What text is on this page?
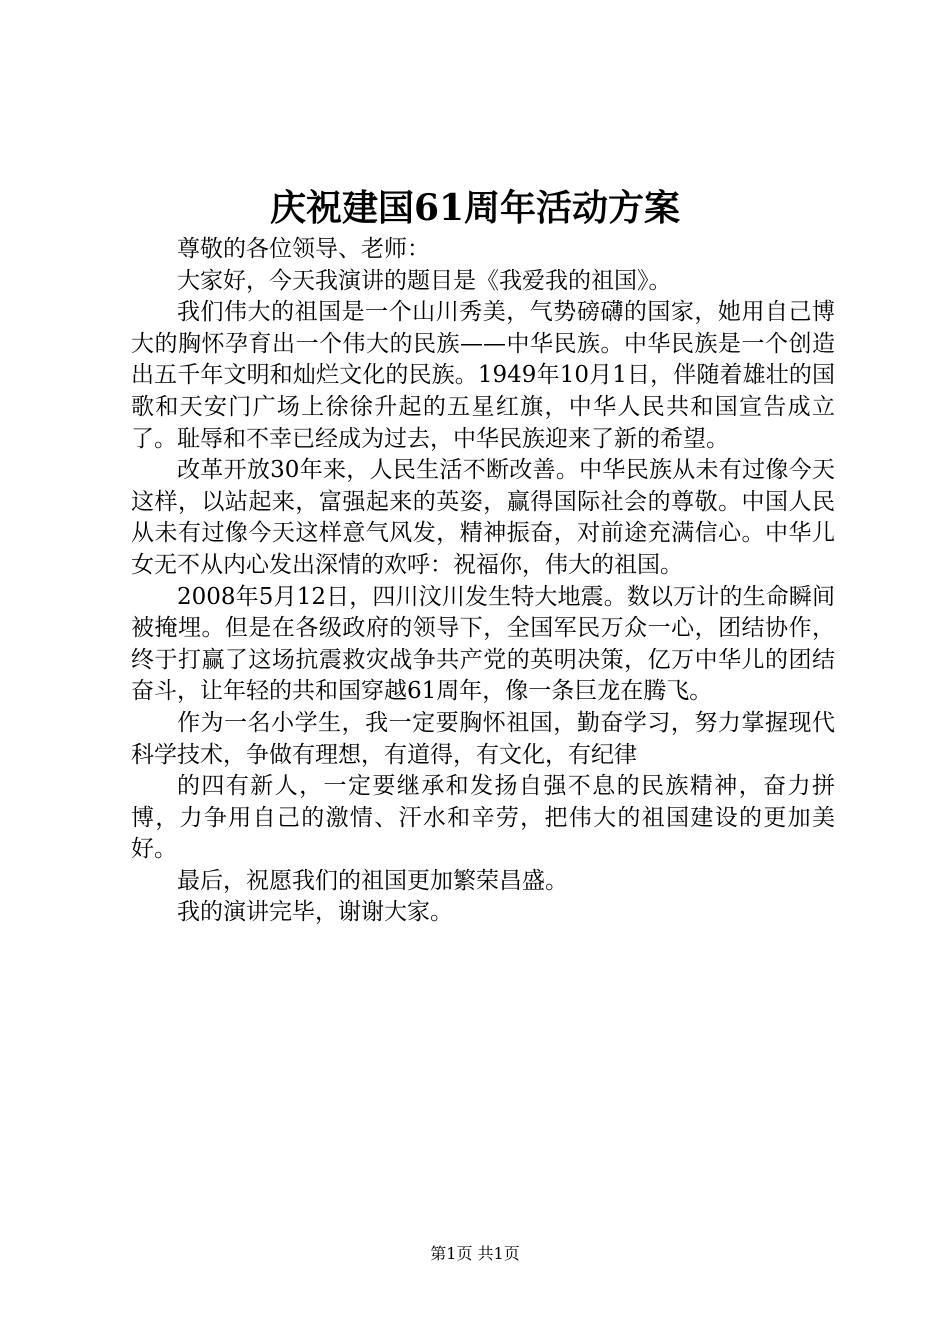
庆祝建国61周年活动方案

尊敬的各位领导、老师：

大家好，今天我演讲的题目是《我爱我的祖国》。

我们伟大的祖国是一个山川秀美，气势磅礴的国家，她用自己博大的胸怀孕育出一个伟大的民族——中华民族。中华民族是一个创造出五千年文明和灿烂文化的民族。1949年10月1日，伴随着雄壮的国歌和天安门广场上徐徐升起的五星红旗，中华人民共和国宣告成立了。耻辱和不幸已经成为过去，中华民族迎来了新的希望。

改革开放30年来，人民生活不断改善。中华民族从未有过像今天这样，以站起来，富强起来的英姿，赢得国际社会的尊敬。中国人民从未有过像今天这样意气风发，精神振奋，对前途充满信心。中华儿女无不从内心发出深情的欢呼：祝福你，伟大的祖国。

2008年5月12日，四川汶川发生特大地震。数以万计的生命瞬间被掩埋。但是在各级政府的领导下，全国军民万众一心，团结协作，终于打赢了这场抗震救灾战争共产党的英明决策，亿万中华儿的团结奋斗，让年轻的共和国穿越61周年，像一条巨龙在腾飞。

作为一名小学生，我一定要胸怀祖国，勤奋学习，努力掌握现代科学技术，争做有理想，有道得，有文化，有纪律

的四有新人，一定要继承和发扬自强不息的民族精神，奋力拼博，力争用自己的激情、汗水和辛劳，把伟大的祖国建设的更加美好。

最后，祝愿我们的祖国更加繁荣昌盛。

我的演讲完毕，谢谢大家。

第1页 共1页
